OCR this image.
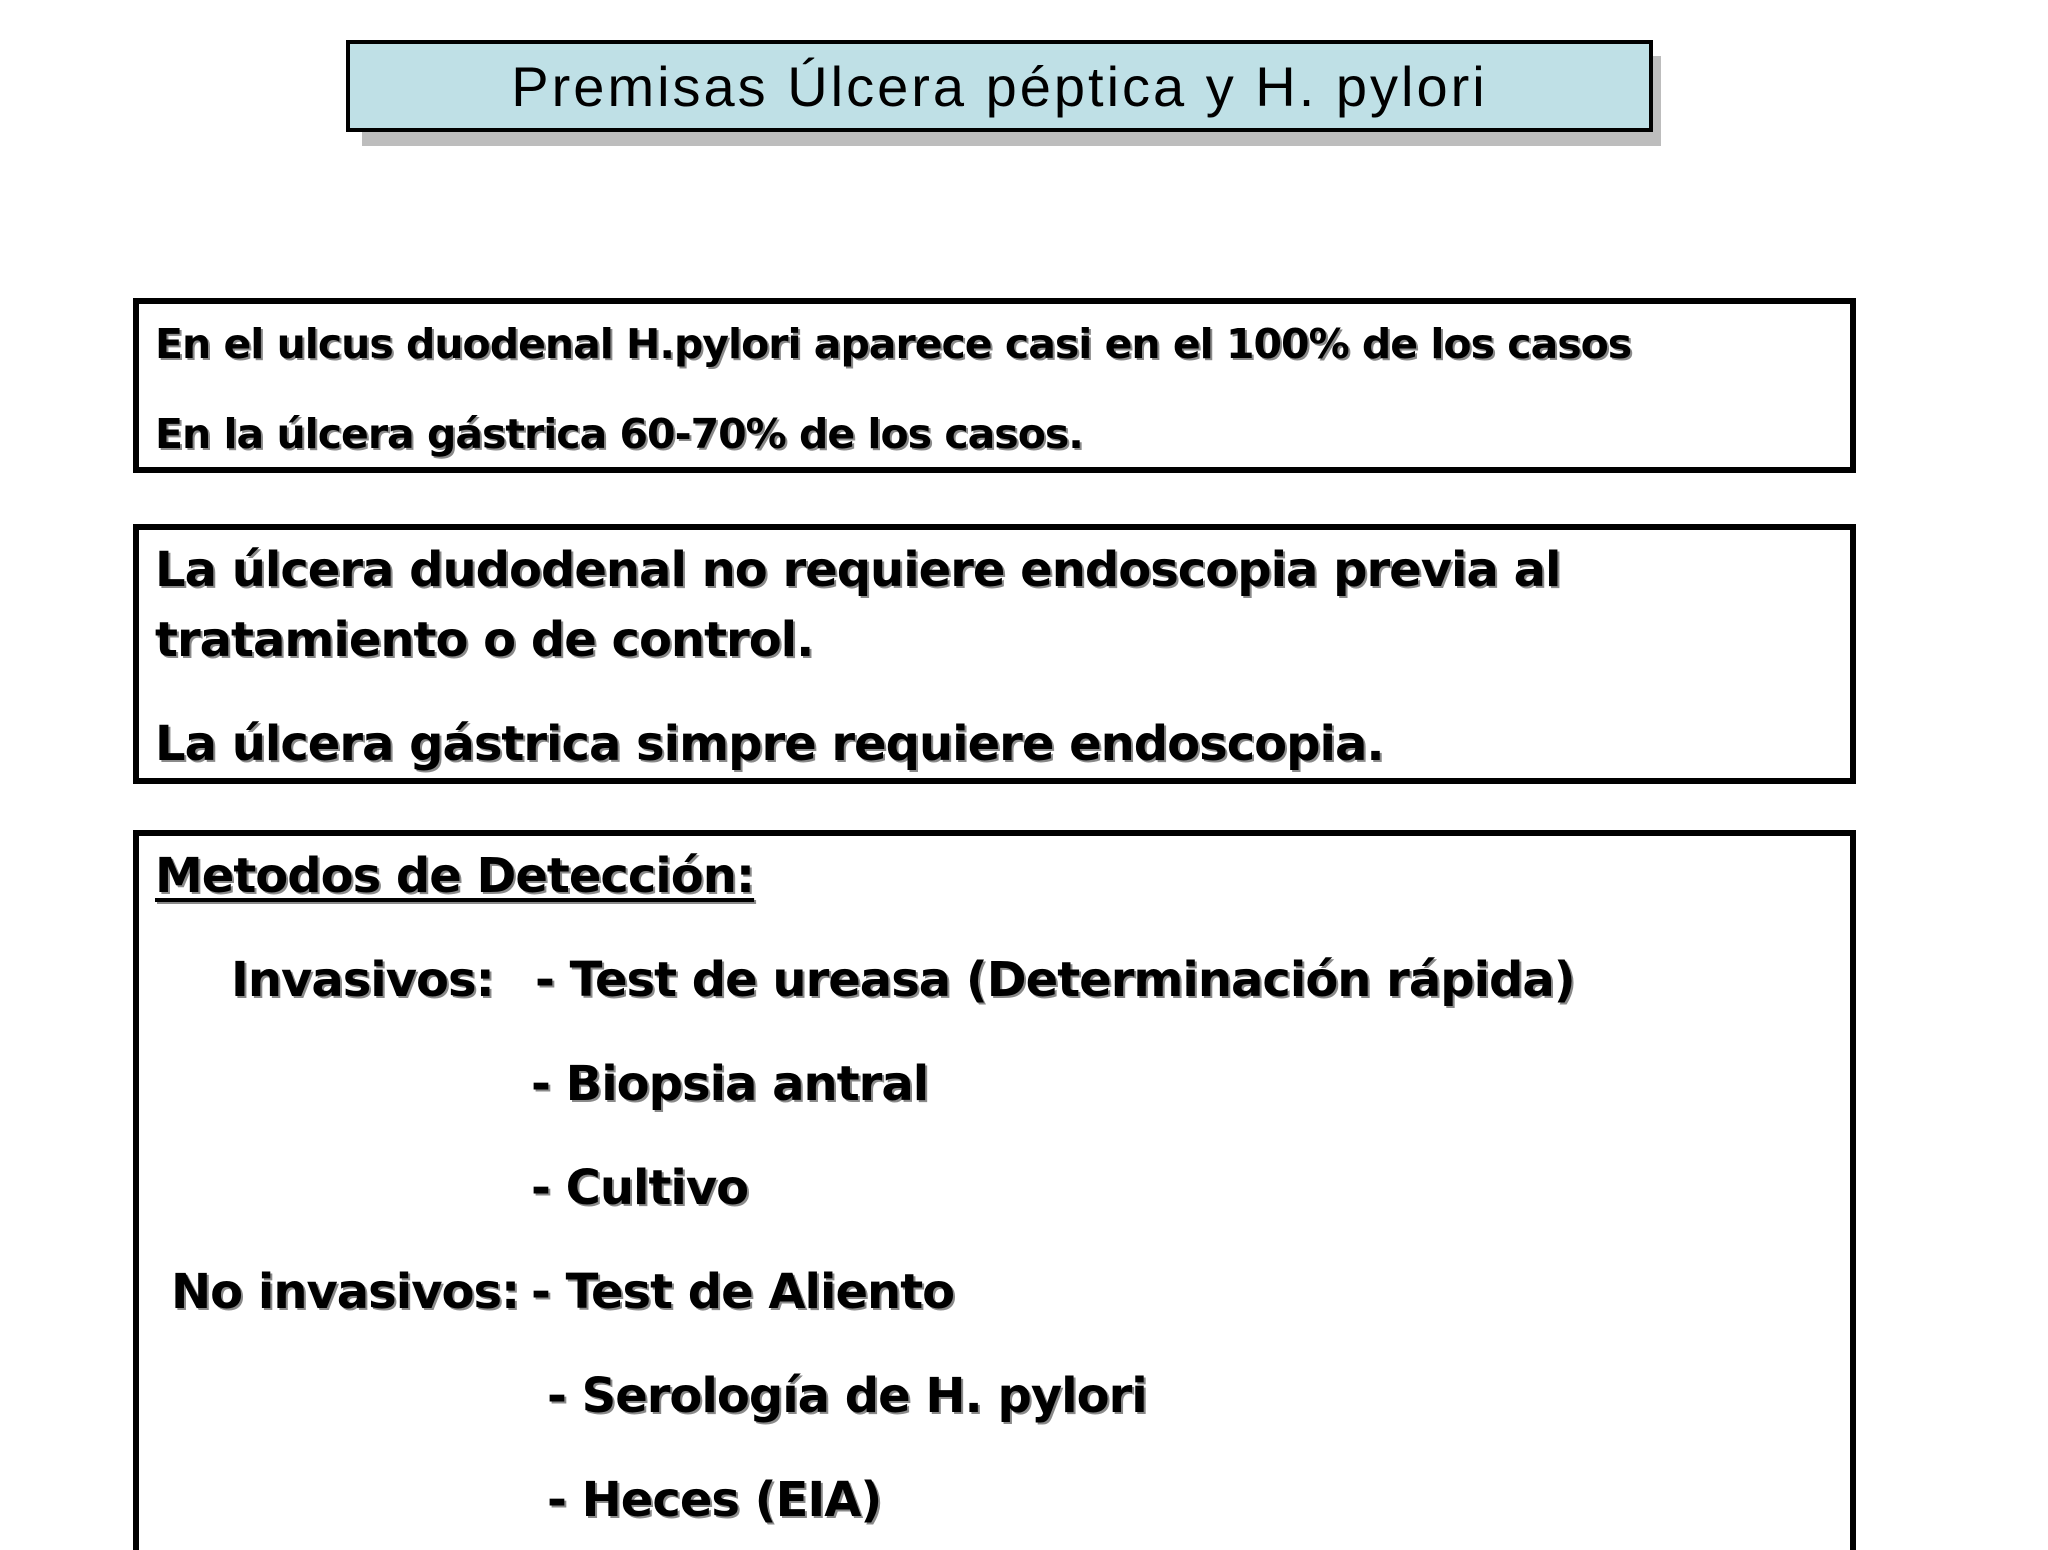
Premisas Úlcera péptica y H. pylori
En el ulcus duodenal H.pylori aparece casi en el 100% de los casos
En la úlcera gástrica 60-70% de los casos.
La úlcera dudodenal no requiere endoscopia previa al
tratamiento o de control.
La úlcera gástrica simpre requiere endoscopia.
Metodos de Detección:
Invasivos: - Test de ureasa (Determinación rápida)
- Biopsia antral
- Cultivo
No invasivos: - Test de Aliento
- Serología de H. pylori
- Heces (EIA)
